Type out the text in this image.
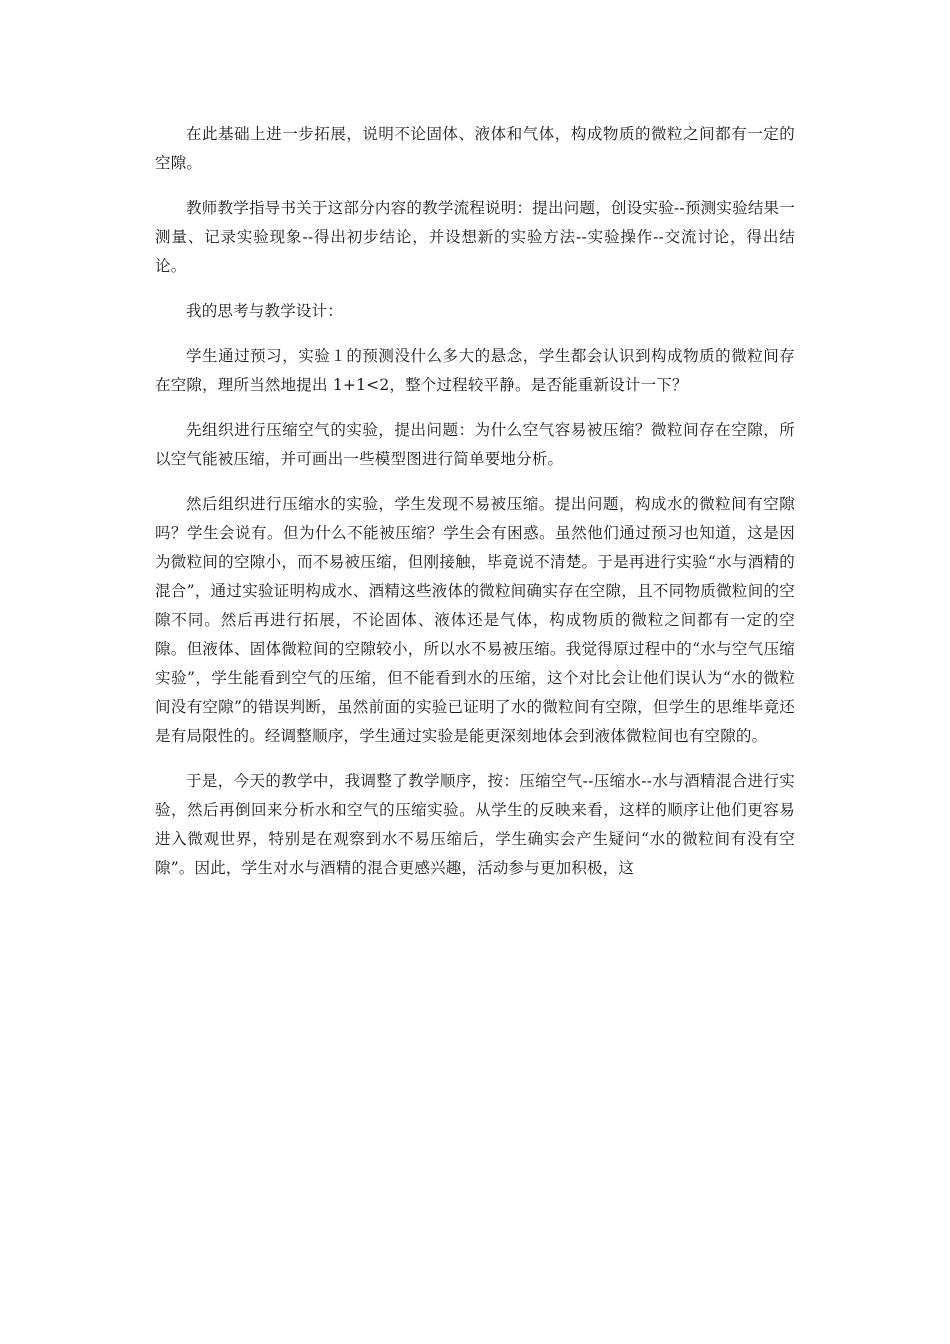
在此基础上进一步拓展，说明不论固体、液体和气体，构成物质的微粒之间都有一定的空隙。

教师教学指导书关于这部分内容的教学流程说明：提出问题，创设实验--预测实验结果一测量、记录实验现象--得出初步结论，并设想新的实验方法--实验操作--交流讨论，得出结论。

我的思考与教学设计：

学生通过预习，实验１的预测没什么多大的悬念，学生都会认识到构成物质的微粒间存在空隙，理所当然地提出 1+1<2，整个过程较平静。是否能重新设计一下？

先组织进行压缩空气的实验，提出问题：为什么空气容易被压缩？微粒间存在空隙，所以空气能被压缩，并可画出一些模型图进行简单要地分析。

然后组织进行压缩水的实验，学生发现不易被压缩。提出问题，构成水的微粒间有空隙吗？学生会说有。但为什么不能被压缩？学生会有困惑。虽然他们通过预习也知道，这是因为微粒间的空隙小，而不易被压缩，但刚接触，毕竟说不清楚。于是再进行实验“水与酒精的混合”，通过实验证明构成水、酒精这些液体的微粒间确实存在空隙，且不同物质微粒间的空隙不同。然后再进行拓展，不论固体、液体还是气体，构成物质的微粒之间都有一定的空隙。但液体、固体微粒间的空隙较小，所以水不易被压缩。我觉得原过程中的“水与空气压缩实验”，学生能看到空气的压缩，但不能看到水的压缩，这个对比会让他们误认为“水的微粒间没有空隙”的错误判断，虽然前面的实验已证明了水的微粒间有空隙，但学生的思维毕竟还是有局限性的。经调整顺序，学生通过实验是能更深刻地体会到液体微粒间也有空隙的。

于是，今天的教学中，我调整了教学顺序，按：压缩空气--压缩水--水与酒精混合进行实验，然后再倒回来分析水和空气的压缩实验。从学生的反映来看，这样的顺序让他们更容易进入微观世界，特别是在观察到水不易压缩后，学生确实会产生疑问“水的微粒间有没有空隙”。因此，学生对水与酒精的混合更感兴趣，活动参与更加积极，这
